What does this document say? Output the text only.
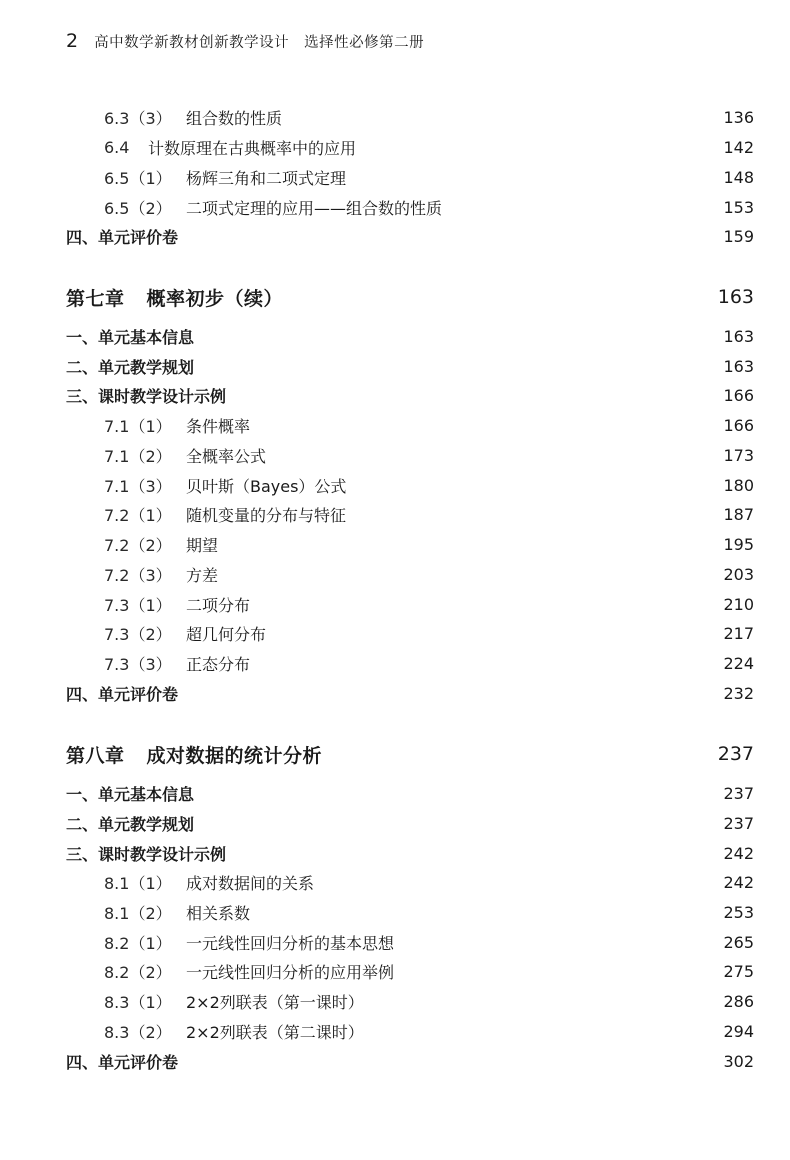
2 高中数学新教材创新教学设计　选择性必修第二册
6.3（3） 组合数的性质	136
6.4	计数原理在古典概率中的应用	142
6.5（1） 杨辉三角和二项式定理	148
6.5（2） 二项式定理的应用——组合数的性质	153
四、单元评价卷	159
第七章 概率初步（续）	163
一、单元基本信息	163
二、单元教学规划	163
三、课时教学设计示例	166
7.1（1） 条件概率	166
7.1（2） 全概率公式	173
7.1（3） 贝叶斯（Bayes）公式	180
7.2（1） 随机变量的分布与特征	187
7.2（2） 期望	195
7.2（3） 方差	203
7.3（1） 二项分布	210
7.3（2） 超几何分布	217
7.3（3） 正态分布	224
四、单元评价卷	232
第八章 成对数据的统计分析	237
一、单元基本信息	237
二、单元教学规划	237
三、课时教学设计示例	242
8.1（1） 成对数据间的关系	242
8.1（2） 相关系数	253
8.2（1） 一元线性回归分析的基本思想	265
8.2（2） 一元线性回归分析的应用举例	275
8.3（1） 2×2列联表（第一课时）	286
8.3（2） 2×2列联表（第二课时）	294
四、单元评价卷	302
